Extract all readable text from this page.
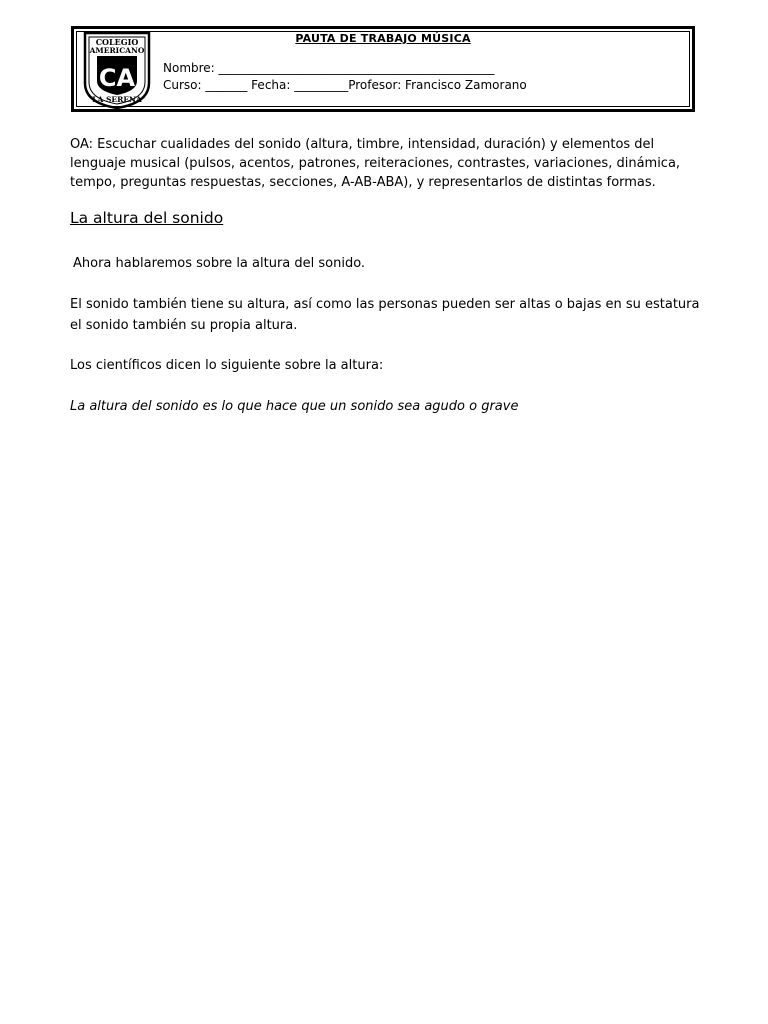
COLEGIO
AMERICANO
CA
LA SERENA
PAUTA DE TRABAJO MÚSICA
Nombre: ______________________________________________
Curso: _______ Fecha: _________Profesor: Francisco Zamorano
OA: Escuchar cualidades del sonido (altura, timbre, intensidad, duración) y elementos del lenguaje musical (pulsos, acentos, patrones, reiteraciones, contrastes, variaciones, dinámica, tempo, preguntas respuestas, secciones, A-AB-ABA), y representarlos de distintas formas.
La altura del sonido
Ahora hablaremos sobre la altura del sonido.
El sonido también tiene su altura, así como las personas pueden ser altas o bajas en su estatura el sonido también su propia altura.
Los científicos dicen lo siguiente sobre la altura:
La altura del sonido es lo que hace que un sonido sea agudo o grave
